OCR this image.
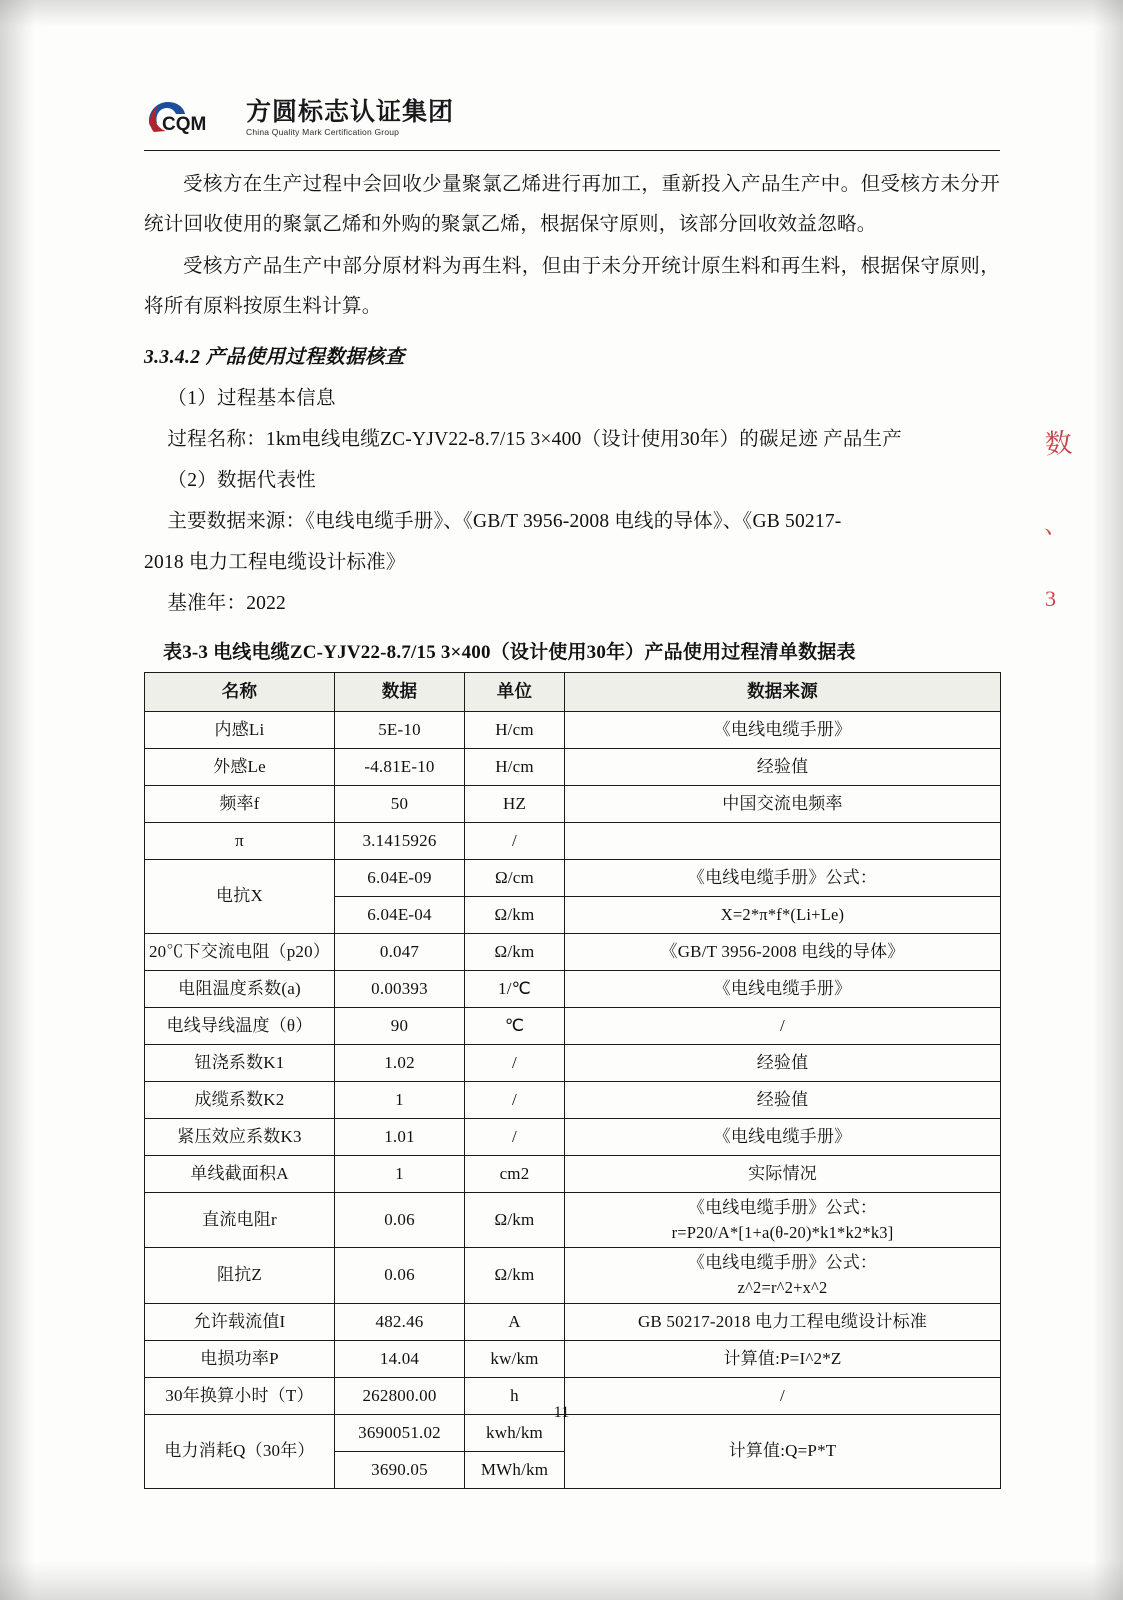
CQM 方圆标志认证集团
China Quality Mark Certification Group

受核方在生产过程中会回收少量聚氯乙烯进行再加工，重新投入产品生产中。但受核方未分开统计回收使用的聚氯乙烯和外购的聚氯乙烯，根据保守原则，该部分回收效益忽略。

受核方产品生产中部分原材料为再生料，但由于未分开统计原生料和再生料，根据保守原则，将所有原料按原生料计算。

3.3.4.2 产品使用过程数据核查

（1）过程基本信息

过程名称：1km电线电缆ZC-YJV22-8.7/15 3×400（设计使用30年）的碳足迹 产品生产

（2）数据代表性

主要数据来源：《电线电缆手册》、《GB/T 3956-2008 电线的导体》、《GB 50217-

2018 电力工程电缆设计标准》

基准年：2022

表3-3 电线电缆ZC-YJV22-8.7/15 3×400（设计使用30年）产品使用过程清单数据表
名称	数据	单位	数据来源
内感Li	5E-10	H/cm	《电线电缆手册》
外感Le	-4.81E-10	H/cm	经验值
频率f	50	HZ	中国交流电频率
π	3.1415926	/	
电抗X	6.04E-09	Ω/cm	《电线电缆手册》公式：
	6.04E-04	Ω/km	X=2*π*f*(Li+Le)
20℃下交流电阻（p20）	0.047	Ω/km	《GB/T 3956-2008 电线的导体》
电阻温度系数(a)	0.00393	1/℃	《电线电缆手册》
电线导线温度（θ）	90	℃	/
钮浇系数K1	1.02	/	经验值
成缆系数K2	1	/	经验值
紧压效应系数K3	1.01	/	《电线电缆手册》
单线截面积A	1	cm2	实际情况
直流电阻r	0.06	Ω/km	《电线电缆手册》公式：
r=P20/A*[1+a(θ-20)*k1*k2*k3]

阻抗Z	0.06	Ω/km	《电线电缆手册》公式：
z^2=r^2+x^2

允许载流值I	482.46	A	GB 50217-2018 电力工程电缆设计标准
电损功率P	14.04	kw/km	计算值:P=I^2*Z
30年换算小时（T）	262800.00	h	/
电力消耗Q（30年）	3690051.02	kwh/km	计算值:Q=P*T
	3690.05	MWh/km	
数
、
3
11
